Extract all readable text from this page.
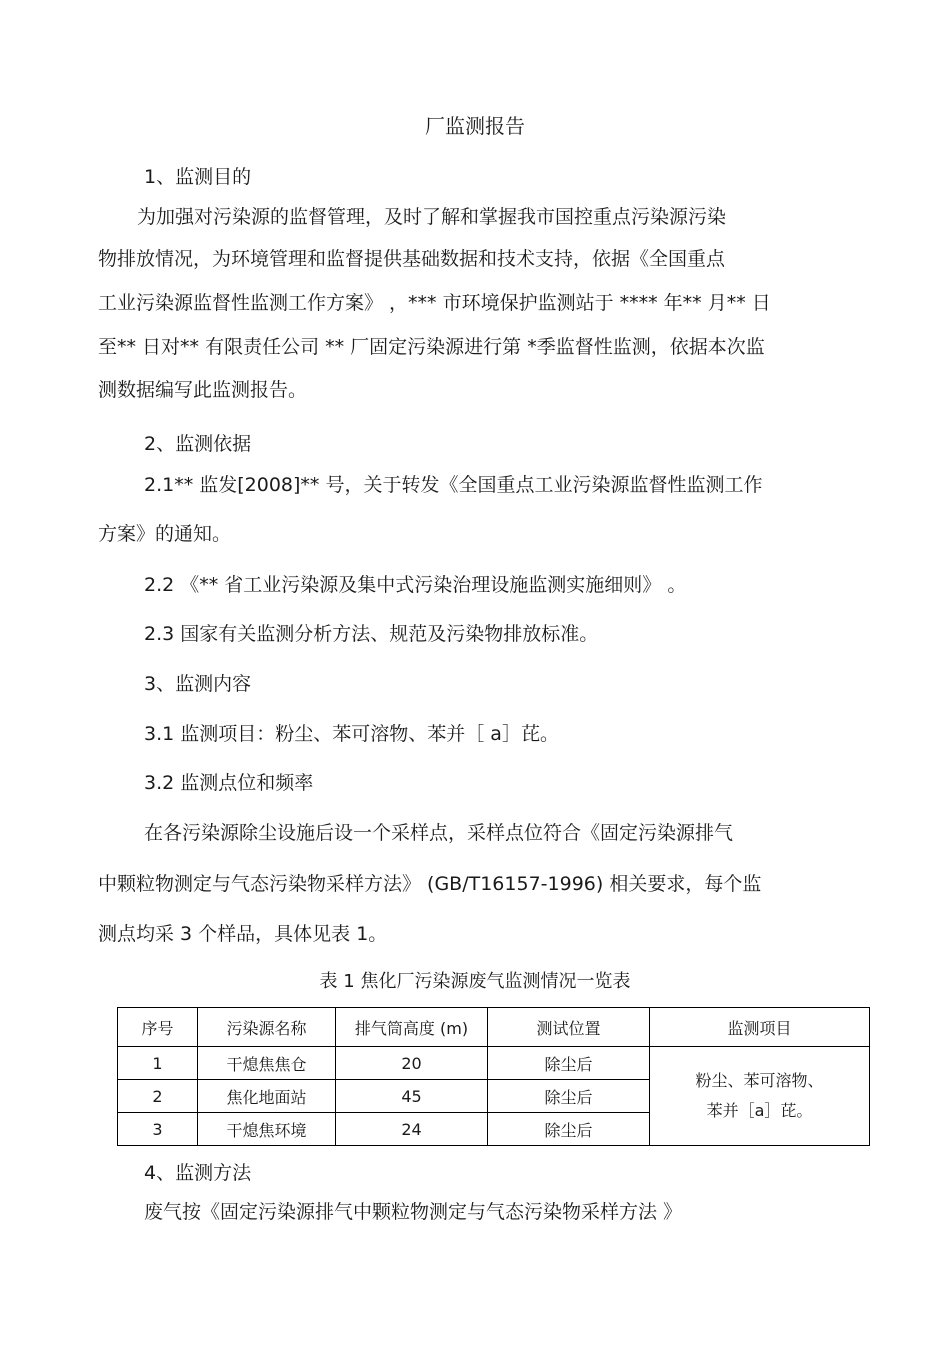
厂监测报告
1、监测目的
为加强对污染源的监督管理，及时了解和掌握我市国控重点污染源污染
物排放情况，为环境管理和监督提供基础数据和技术支持，依据《全国重点
工业污染源监督性监测工作方案》 ，*** 市环境保护监测站于 **** 年** 月** 日
至** 日对** 有限责任公司 ** 厂固定污染源进行第 *季监督性监测，依据本次监
测数据编写此监测报告。
2、监测依据
2.1** 监发[2008]** 号，关于转发《全国重点工业污染源监督性监测工作
方案》的通知。
2.2 《** 省工业污染源及集中式污染治理设施监测实施细则》 。
2.3 国家有关监测分析方法、规范及污染物排放标准。
3、监测内容
3.1 监测项目：粉尘、苯可溶物、苯并［ a］芘。
3.2 监测点位和频率
在各污染源除尘设施后设一个采样点，采样点位符合《固定污染源排气
中颗粒物测定与气态污染物采样方法》 (GB/T16157-1996) 相关要求，每个监
测点均采 3 个样品，具体见表 1。
表 1 焦化厂污染源废气监测情况一览表
序号	污染源名称	排气筒高度 (m)	测试位置	监测项目
1	干熄焦焦仓	20	除尘后	粉尘、苯可溶物、
苯并［a］芘。

2	焦化地面站	45	除尘后	
3	干熄焦环境	24	除尘后	
4、监测方法
废气按《固定污染源排气中颗粒物测定与气态污染物采样方法 》
